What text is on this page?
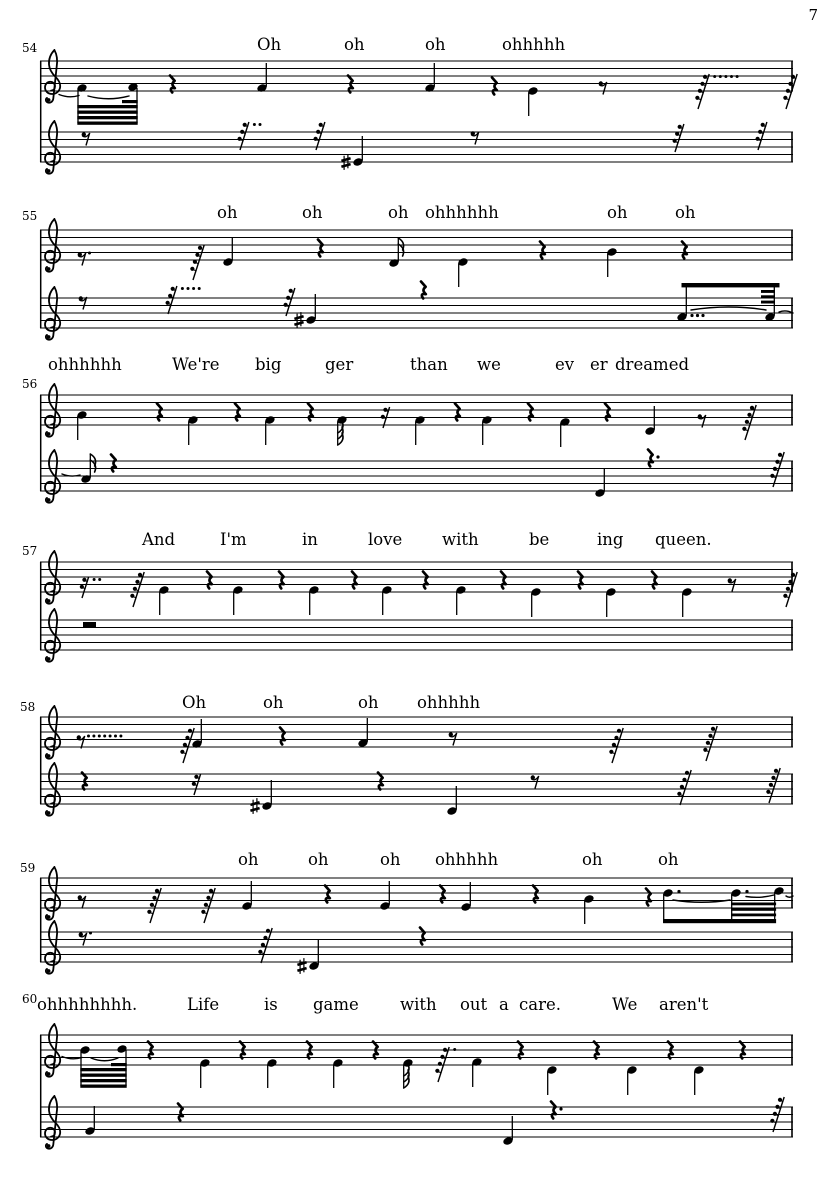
7
54	Oh	oh	oh	ohhhhh
55	oh	oh	oh ohhhhhh	oh	oh
56
ohhhhhh	We're big	ger	than we	ev er dreamed
57
And	I'm	in	love with	be	ing queen.
58	Oh	oh	oh ohhhhh
59	oh	oh	oh ohhhhh	oh	oh
60 ohhhhhhhh.	Life	is game with out a care.	We aren't
